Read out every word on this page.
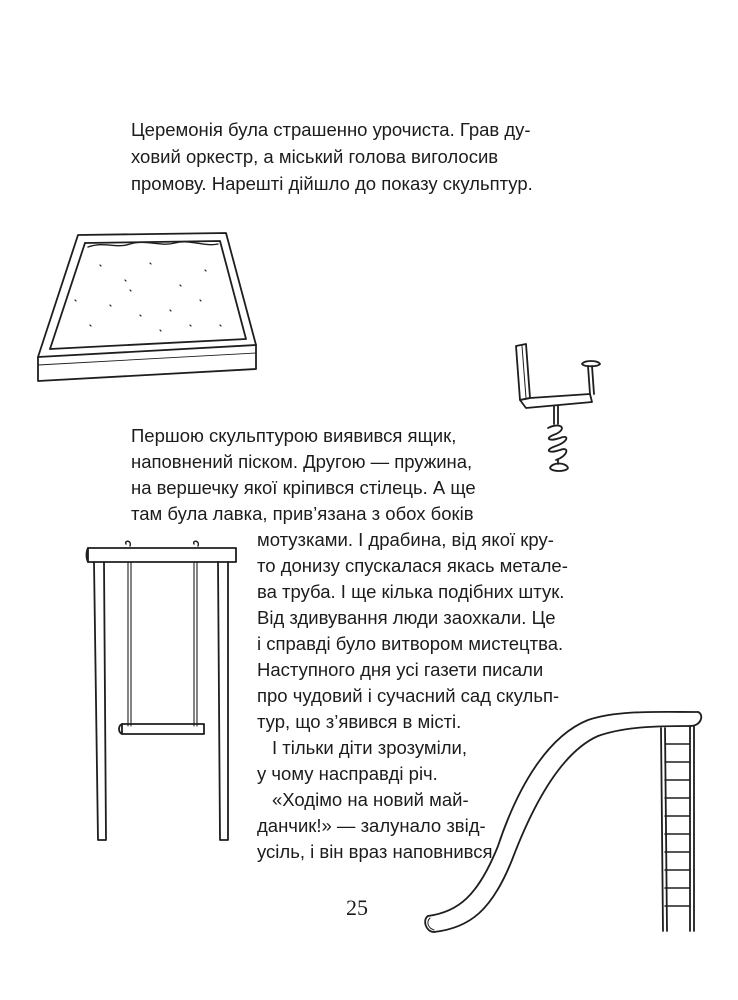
Церемонія була страшенно урочиста. Грав ду-
ховий оркестр, а міський голова виголосив
промову. Нарешті дійшло до показу скульптур.
Першою скульптурою виявився ящик,
наповнений піском. Другою — пружина,
на вершечку якої кріпився стілець. А ще
там була лавка, прив’язана з обох боків
мотузками. І драбина, від якої кру-
то донизу спускалася якась метале-
ва труба. І ще кілька подібних штук.
Від здивування люди заохкали. Це
і справді було витвором мистецтва.
Наступного дня усі газети писали
про чудовий і сучасний сад скульп-
тур, що з’явився в місті.
І тільки діти зрозуміли,
у чому насправді річ.
«Ходімо на новий май-
данчик!» — залунало звід-
усіль, і він враз наповнився
25
